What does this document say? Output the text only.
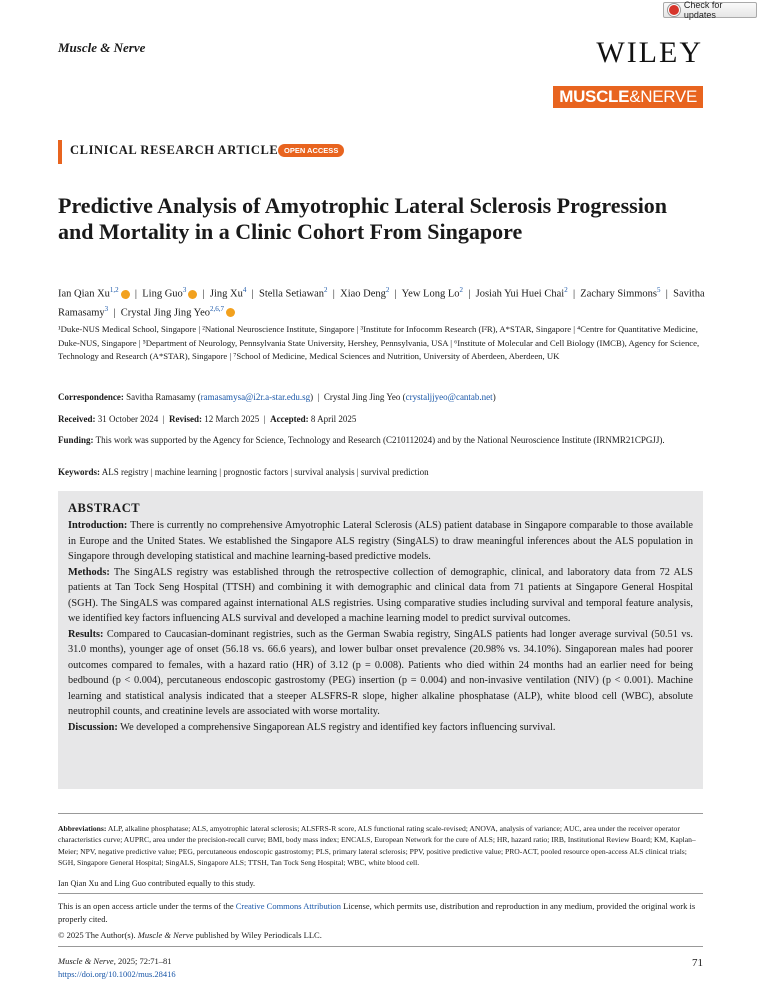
Check for updates
Muscle & Nerve	WILEY
MUSCLE&NERVE
CLINICAL RESEARCH ARTICLE OPEN ACCESS
Predictive Analysis of Amyotrophic Lateral Sclerosis Progression and Mortality in a Clinic Cohort From Singapore
Ian Qian Xu$^{1,2}$  |  Ling Guo$^3$  |  Jing Xu$^4$  |  Stella Setiawan$^2$  |  Xiao Deng$^2$  |  Yew Long Lo$^2$  |  Josiah Yui Huei Chai$^2$  |  Zachary Simmons$^5$  |  Savitha Ramasamy$^3$  |  Crystal Jing Jing Yeo$^{2,6,7}$
¹Duke-NUS Medical School, Singapore | ²National Neuroscience Institute, Singapore | ³Institute for Infocomm Research (I²R), A*STAR, Singapore | ⁴Centre for Quantitative Medicine, Duke-NUS, Singapore | ⁵Department of Neurology, Pennsylvania State University, Hershey, Pennsylvania, USA | ⁶Institute of Molecular and Cell Biology (IMCB), Agency for Science, Technology and Research (A*STAR), Singapore | ⁷School of Medicine, Medical Sciences and Nutrition, University of Aberdeen, Aberdeen, UK
Correspondence: Savitha Ramasamy (ramasamysa@i2r.a-star.edu.sg)  |  Crystal Jing Jing Yeo (crystaljjyeo@cantab.net)
Received: 31 October 2024  |  Revised: 12 March 2025  |  Accepted: 8 April 2025
Funding: This work was supported by the Agency for Science, Technology and Research (C210112024) and by the National Neuroscience Institute (IRNMR21CPGJJ).
Keywords: ALS registry | machine learning | prognostic factors | survival analysis | survival prediction
ABSTRACT

Introduction: There is currently no comprehensive Amyotrophic Lateral Sclerosis (ALS) patient database in Singapore comparable to those available in Europe and the United States. We established the Singapore ALS registry (SingALS) to draw meaningful inferences about the ALS population in Singapore through developing statistical and machine learning-based predictive models.

Methods: The SingALS registry was established through the retrospective collection of demographic, clinical, and laboratory data from 72 ALS patients at Tan Tock Seng Hospital (TTSH) and combining it with demographic and clinical data from 71 patients at Singapore General Hospital (SGH). The SingALS was compared against international ALS registries. Using comparative studies including survival and temporal feature analysis, we identified key factors influencing ALS survival and developed a machine learning model to predict survival outcomes.

Results: Compared to Caucasian-dominant registries, such as the German Swabia registry, SingALS patients had longer average survival (50.51 vs. 31.0 months), younger age of onset (56.18 vs. 66.6 years), and lower bulbar onset prevalence (20.98% vs. 34.10%). Singaporean males had poorer outcomes compared to females, with a hazard ratio (HR) of 3.12 (p = 0.008). Patients who died within 24 months had an earlier need for being bedbound (p < 0.004), percutaneous endoscopic gastrostomy (PEG) insertion (p = 0.004) and non-invasive ventilation (NIV) (p < 0.001). Machine learning and statistical analysis indicated that a steeper ALSFRS-R slope, higher alkaline phosphatase (ALP), white blood cell (WBC), absolute neutrophil counts, and creatinine levels are associated with worse mortality.

Discussion: We developed a comprehensive Singaporean ALS registry and identified key factors influencing survival.

Abbreviations: ALP, alkaline phosphatase; ALS, amyotrophic lateral sclerosis; ALSFRS-R score, ALS functional rating scale-revised; ANOVA, analysis of variance; AUC, area under the receiver operator characteristics curve; AUPRC, area under the precision-recall curve; BMI, body mass index; ENCALS, European Network for the cure of ALS; HR, hazard ratio; IRB, Institutional Review Board; KM, Kaplan–Meier; NPV, negative predictive value; PEG, percutaneous endoscopic gastrostomy; PLS, primary lateral sclerosis; PPV, positive predictive value; PRO-ACT, pooled resource open-access ALS clinical trials; SGH, Singapore General Hospital; SingALS, Singapore ALS; TTSH, Tan Tock Seng Hospital; WBC, white blood cell.
Ian Qian Xu and Ling Guo contributed equally to this study.
This is an open access article under the terms of the Creative Commons Attribution License, which permits use, distribution and reproduction in any medium, provided the original work is properly cited.
© 2025 The Author(s). Muscle & Nerve published by Wiley Periodicals LLC.
Muscle & Nerve, 2025; 72:71–81
https://doi.org/10.1002/mus.28416
71
